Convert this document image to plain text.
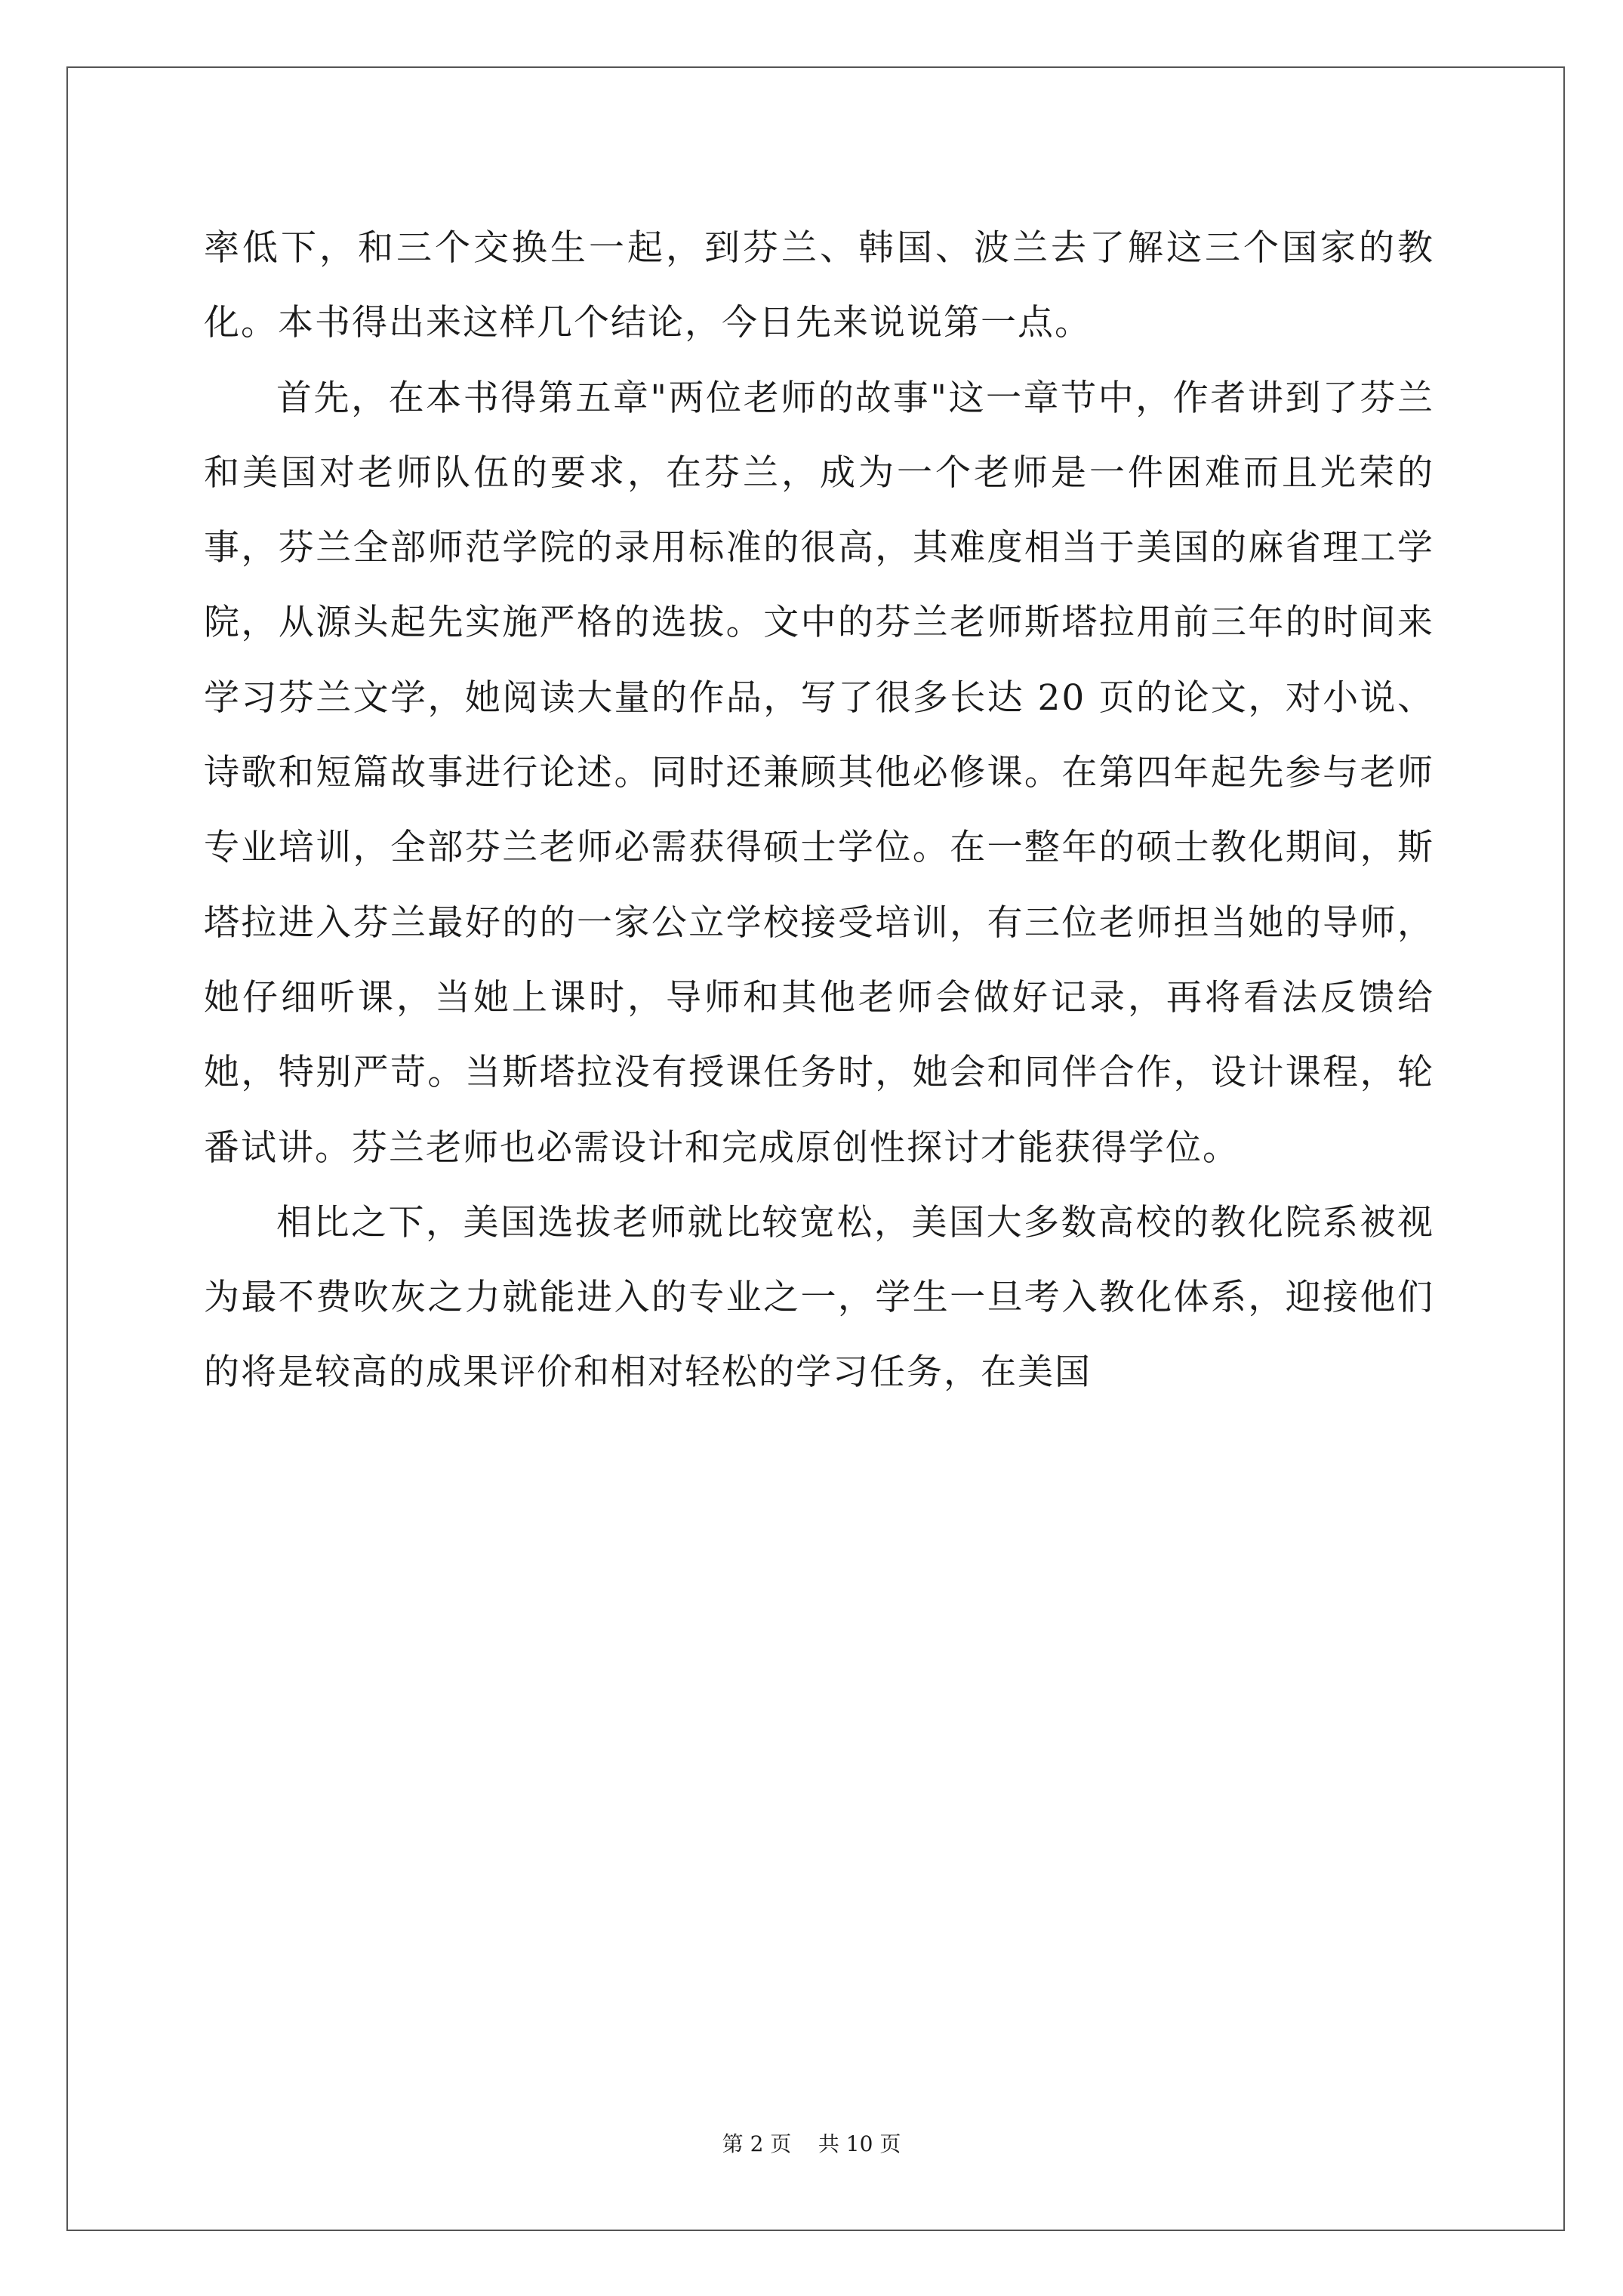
率低下，和三个交换生一起，到芬兰、韩国、波兰去了解这三个国家的教化。本书得出来这样几个结论，今日先来说说第一点。

首先，在本书得第五章"两位老师的故事"这一章节中，作者讲到了芬兰和美国对老师队伍的要求，在芬兰，成为一个老师是一件困难而且光荣的事，芬兰全部师范学院的录用标准的很高，其难度相当于美国的麻省理工学院，从源头起先实施严格的选拔。文中的芬兰老师斯塔拉用前三年的时间来学习芬兰文学，她阅读大量的作品，写了很多长达 20 页的论文，对小说、诗歌和短篇故事进行论述。同时还兼顾其他必修课。在第四年起先参与老师专业培训，全部芬兰老师必需获得硕士学位。在一整年的硕士教化期间，斯塔拉进入芬兰最好的的一家公立学校接受培训，有三位老师担当她的导师，她仔细听课，当她上课时，导师和其他老师会做好记录，再将看法反馈给她，特别严苛。当斯塔拉没有授课任务时，她会和同伴合作，设计课程，轮番试讲。芬兰老师也必需设计和完成原创性探讨才能获得学位。

相比之下，美国选拔老师就比较宽松，美国大多数高校的教化院系被视为最不费吹灰之力就能进入的专业之一，学生一旦考入教化体系，迎接他们的将是较高的成果评价和相对轻松的学习任务，在美国

第 2 页    共 10 页
